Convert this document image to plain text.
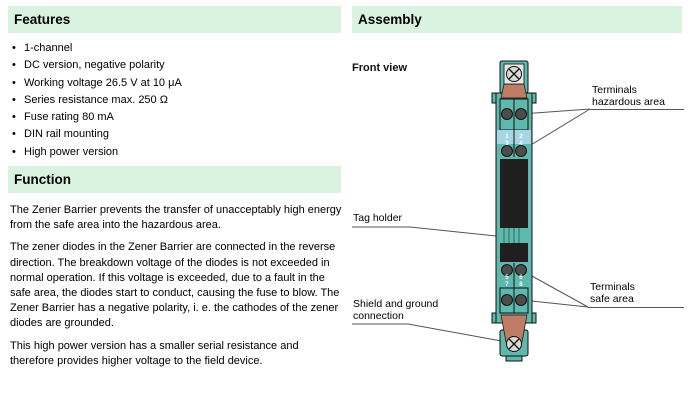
Features
• 1-channel
• DC version, negative polarity
• Working voltage 26.5 V at 10 μA
• Series resistance max. 250 Ω
• Fuse rating 80 mA
• DIN rail mounting
• High power version
Function

The Zener Barrier prevents the transfer of unacceptably high energy from the safe area into the hazardous area.

The zener diodes in the Zener Barrier are connected in the reverse direction. The breakdown voltage of the diodes is not exceeded in normal operation. If this voltage is exceeded, due to a fault in the safe area, the diodes start to conduct, causing the fuse to blow. The Zener Barrier has a negative polarity, i. e. the cathodes of the zener diodes are grounded.

This high power version has a smaller serial resistance and therefore provides higher voltage to the field device.

Assembly
Front view
1 2
3 4
5 6
7 8
Terminals
hazardous area
Tag holder
Terminals
safe area
Shield and ground
connection
